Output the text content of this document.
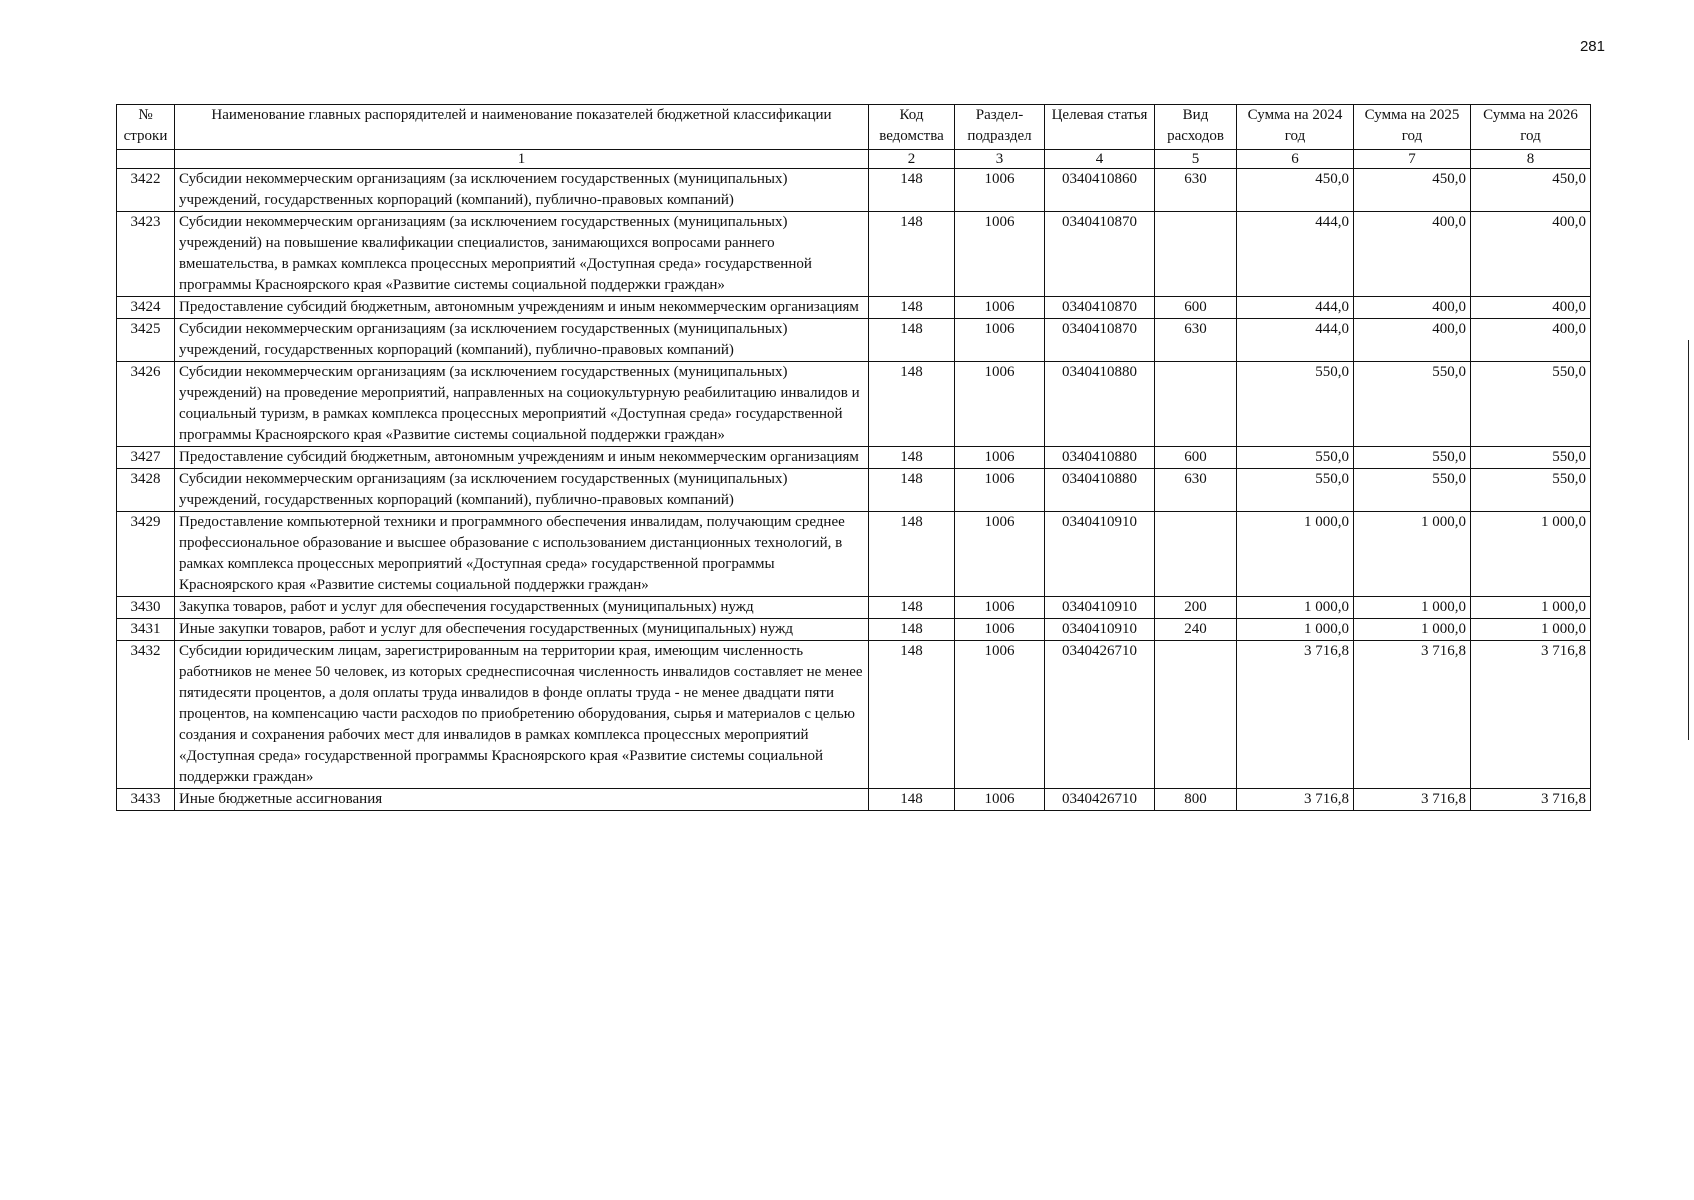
281
№ строки	Наименование главных распорядителей и наименование показателей бюджетной классификации	Код ведомства	Раздел-подраздел	Целевая статья	Вид расходов	Сумма на 2024 год	Сумма на 2025 год	Сумма на 2026 год
	1	2	3	4	5	6	7	8
3422	Субсидии некоммерческим организациям (за исключением государственных (муниципальных) учреждений, государственных корпораций (компаний), публично-правовых компаний)	148	1006	0340410860	630	450,0	450,0	450,0
3423	Субсидии некоммерческим организациям (за исключением государственных (муниципальных) учреждений) на повышение квалификации специалистов, занимающихся вопросами раннего вмешательства, в рамках комплекса процессных мероприятий «Доступная среда» государственной программы Красноярского края «Развитие системы социальной поддержки граждан»	148	1006	0340410870		444,0	400,0	400,0
3424	Предоставление субсидий бюджетным, автономным учреждениям и иным некоммерческим организациям	148	1006	0340410870	600	444,0	400,0	400,0
3425	Субсидии некоммерческим организациям (за исключением государственных (муниципальных) учреждений, государственных корпораций (компаний), публично-правовых компаний)	148	1006	0340410870	630	444,0	400,0	400,0
3426	Субсидии некоммерческим организациям (за исключением государственных (муниципальных) учреждений) на проведение мероприятий, направленных на социокультурную реабилитацию инвалидов и социальный туризм, в рамках комплекса процессных мероприятий «Доступная среда» государственной программы Красноярского края «Развитие системы социальной поддержки граждан»	148	1006	0340410880		550,0	550,0	550,0
3427	Предоставление субсидий бюджетным, автономным учреждениям и иным некоммерческим организациям	148	1006	0340410880	600	550,0	550,0	550,0
3428	Субсидии некоммерческим организациям (за исключением государственных (муниципальных) учреждений, государственных корпораций (компаний), публично-правовых компаний)	148	1006	0340410880	630	550,0	550,0	550,0
3429	Предоставление компьютерной техники и программного обеспечения инвалидам, получающим среднее профессиональное образование и высшее образование с использованием дистанционных технологий, в рамках комплекса процессных мероприятий «Доступная среда» государственной программы Красноярского края «Развитие системы социальной поддержки граждан»	148	1006	0340410910		1 000,0	1 000,0	1 000,0
3430	Закупка товаров, работ и услуг для обеспечения государственных (муниципальных) нужд	148	1006	0340410910	200	1 000,0	1 000,0	1 000,0
3431	Иные закупки товаров, работ и услуг для обеспечения государственных (муниципальных) нужд	148	1006	0340410910	240	1 000,0	1 000,0	1 000,0
3432	Субсидии юридическим лицам, зарегистрированным на территории края, имеющим численность работников не менее 50 человек, из которых среднесписочная численность инвалидов составляет не менее пятидесяти процентов, а доля оплаты труда инвалидов в фонде оплаты труда - не менее двадцати пяти процентов, на компенсацию части расходов по приобретению оборудования, сырья и материалов с целью создания и сохранения рабочих мест для инвалидов в рамках комплекса процессных мероприятий «Доступная среда» государственной программы Красноярского края «Развитие системы социальной поддержки граждан»	148	1006	0340426710		3 716,8	3 716,8	3 716,8
3433	Иные бюджетные ассигнования	148	1006	0340426710	800	3 716,8	3 716,8	3 716,8
